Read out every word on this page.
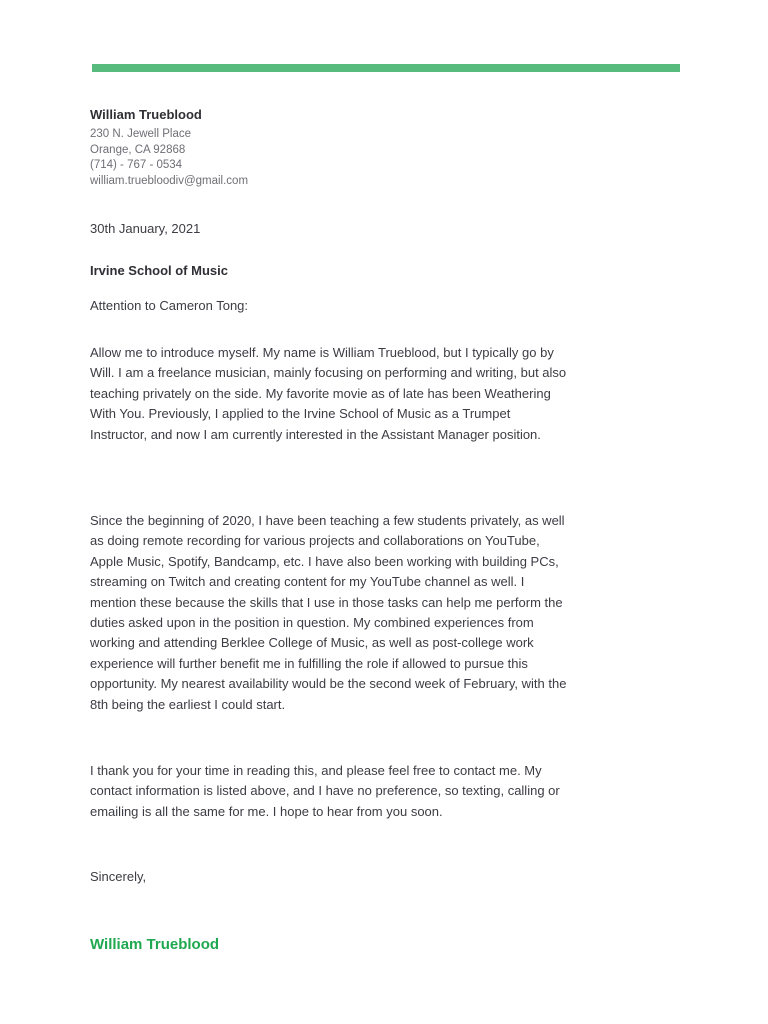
William Trueblood
230 N. Jewell Place
Orange, CA 92868
(714) - 767 - 0534
william.truebloodiv@gmail.com
30th January, 2021
Irvine School of Music
Attention to Cameron Tong:

Allow me to introduce myself. My name is William Trueblood, but I typically go by Will. I am a freelance musician, mainly focusing on performing and writing, but also teaching privately on the side. My favorite movie as of late has been Weathering With You. Previously, I applied to the Irvine School of Music as a Trumpet Instructor, and now I am currently interested in the Assistant Manager position.

Since the beginning of 2020, I have been teaching a few students privately, as well as doing remote recording for various projects and collaborations on YouTube, Apple Music, Spotify, Bandcamp, etc. I have also been working with building PCs, streaming on Twitch and creating content for my YouTube channel as well. I mention these because the skills that I use in those tasks can help me perform the duties asked upon in the position in question. My combined experiences from working and attending Berklee College of Music, as well as post-college work experience will further benefit me in fulfilling the role if allowed to pursue this opportunity. My nearest availability would be the second week of February, with the 8th being the earliest I could start.

I thank you for your time in reading this, and please feel free to contact me. My contact information is listed above, and I have no preference, so texting, calling or emailing is all the same for me. I hope to hear from you soon.

Sincerely,
William Trueblood
